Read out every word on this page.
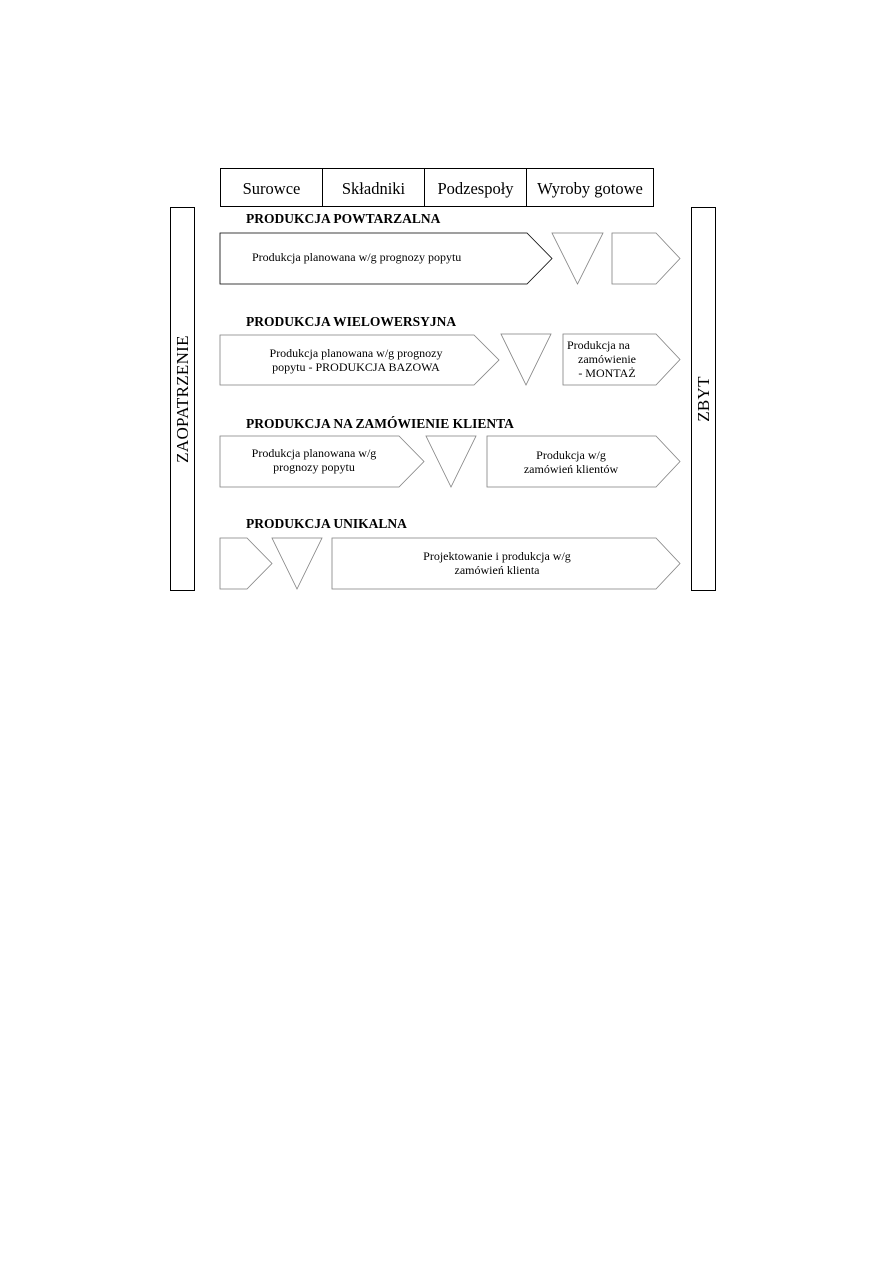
Surowce	Składniki	Podzespoły	Wyroby gotowe
ZAOPATRZENIE	ZBYT
PRODUKCJA POWTARZALNA
Produkcja planowana w/g prognozy popytu
PRODUKCJA WIELOWERSYJNA
Produkcja planowana w/g prognozy
popytu - PRODUKCJA BAZOWA
Produkcja na
zamówienie
- MONTAŻ
PRODUKCJA NA ZAMÓWIENIE KLIENTA
Produkcja planowana w/g
prognozy popytu
Produkcja w/g
zamówień klientów
PRODUKCJA UNIKALNA
Projektowanie i produkcja w/g
zamówień klienta
